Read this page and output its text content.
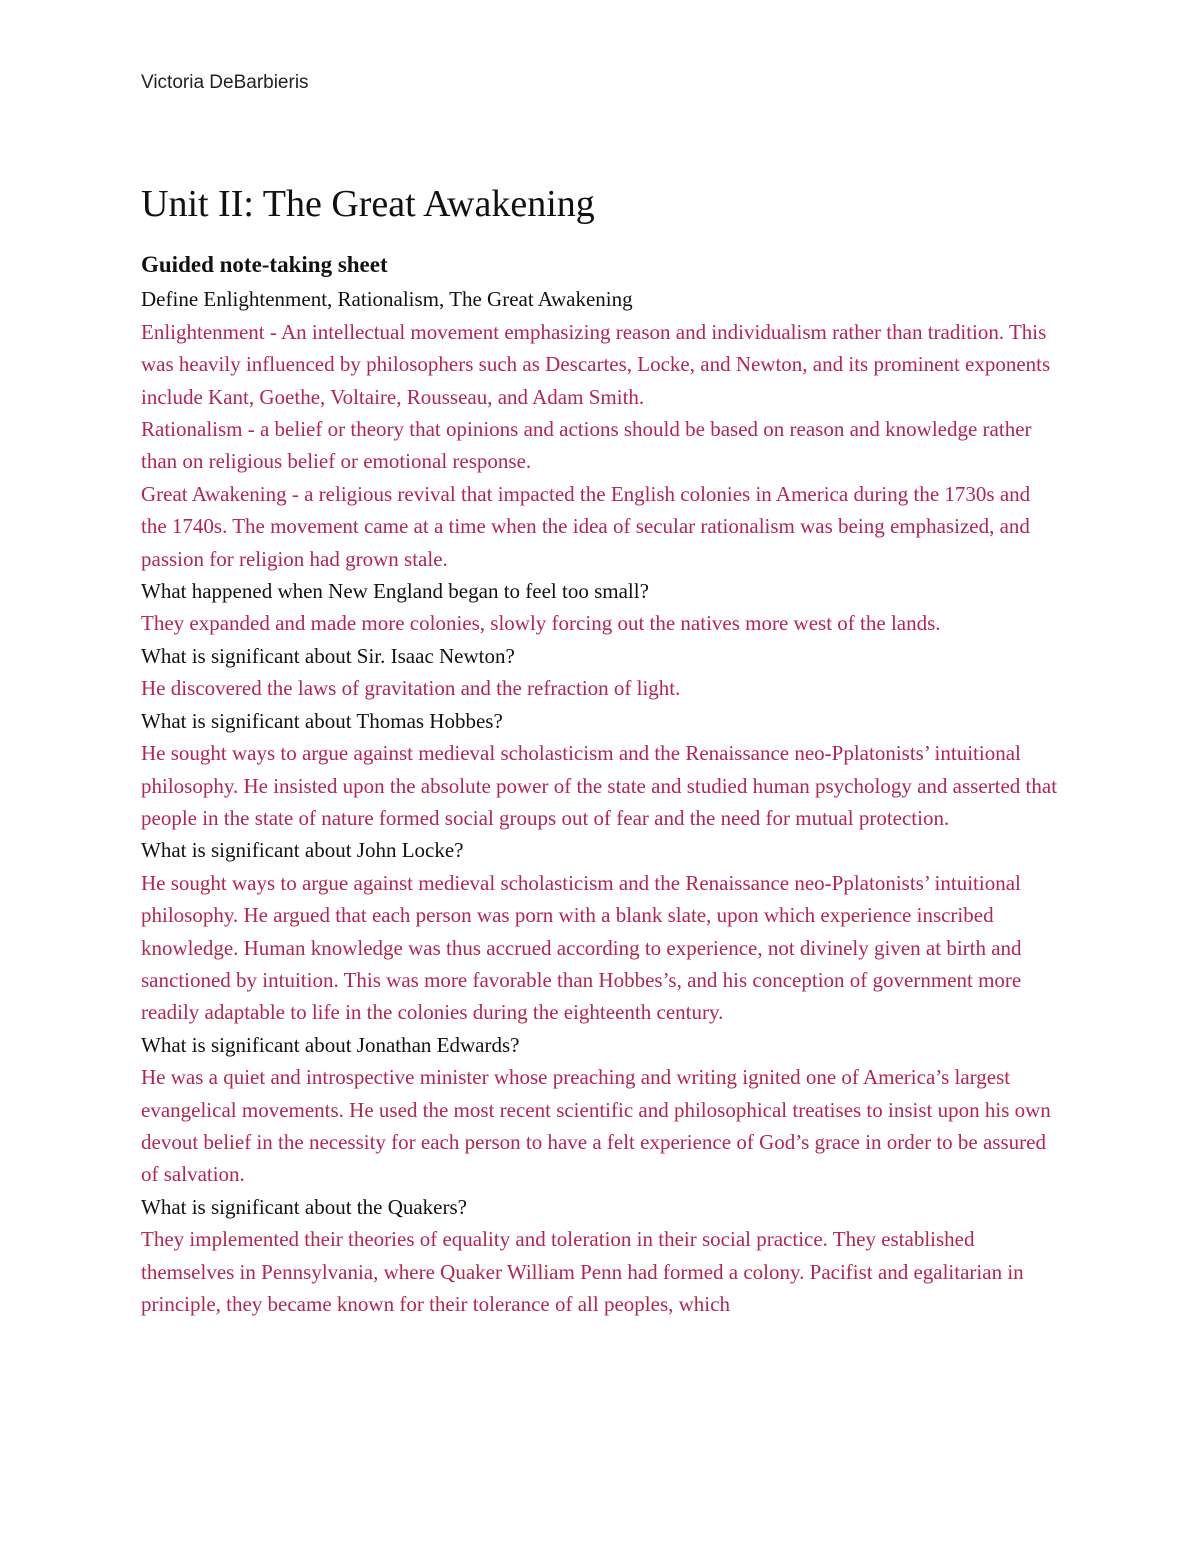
Victoria DeBarbieris

Unit II: The Great Awakening

Guided note-taking sheet

Define Enlightenment, Rationalism, The Great Awakening

Enlightenment - An intellectual movement emphasizing reason and individualism rather than tradition. This was heavily influenced by philosophers such as Descartes, Locke, and Newton, and its prominent exponents include Kant, Goethe, Voltaire, Rousseau, and Adam Smith.

Rationalism - a belief or theory that opinions and actions should be based on reason and knowledge rather than on religious belief or emotional response.

Great Awakening - a religious revival that impacted the English colonies in America during the 1730s and the 1740s. The movement came at a time when the idea of secular rationalism was being emphasized, and passion for religion had grown stale.

What happened when New England began to feel too small?

They expanded and made more colonies, slowly forcing out the natives more west of the lands.

What is significant about Sir. Isaac Newton?

He discovered the laws of gravitation and the refraction of light.

What is significant about Thomas Hobbes?

He sought ways to argue against medieval scholasticism and the Renaissance neo-Pplatonists’ intuitional philosophy. He insisted upon the absolute power of the state and studied human psychology and asserted that people in the state of nature formed social groups out of fear and the need for mutual protection.

What is significant about John Locke?

He sought ways to argue against medieval scholasticism and the Renaissance neo-Pplatonists’ intuitional philosophy. He argued that each person was porn with a blank slate, upon which experience inscribed knowledge. Human knowledge was thus accrued according to experience, not divinely given at birth and sanctioned by intuition. This was more favorable than Hobbes’s, and his conception of government more readily adaptable to life in the colonies during the eighteenth century.

What is significant about Jonathan Edwards?

He was a quiet and introspective minister whose preaching and writing ignited one of America’s largest evangelical movements. He used the most recent scientific and philosophical treatises to insist upon his own devout belief in the necessity for each person to have a felt experience of God’s grace in order to be assured of salvation.

What is significant about the Quakers?

They implemented their theories of equality and toleration in their social practice. They established themselves in Pennsylvania, where Quaker William Penn had formed a colony. Pacifist and egalitarian in principle, they became known for their tolerance of all peoples, which
